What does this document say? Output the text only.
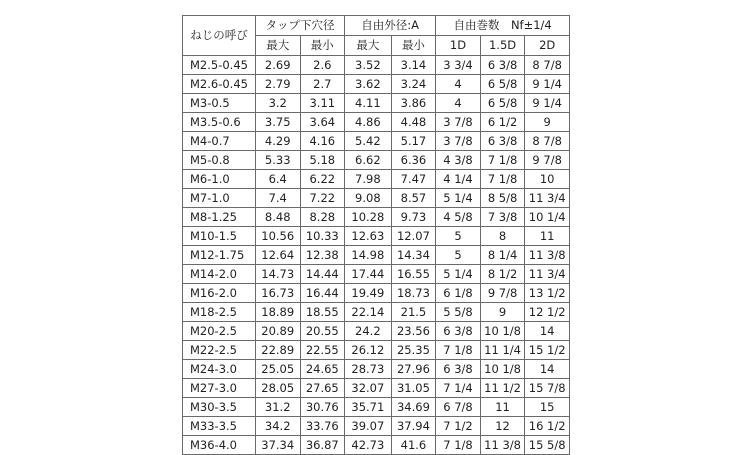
ねじの呼び	タップ下穴径		自由外径:A		自由巻数　Nf±1/4		
	最大	最小	最大	最小	1D	1.5D	2D
M2.5-0.45	2.69	2.6	3.52	3.14	3 3/4	6 3/8	8 7/8
M2.6-0.45	2.79	2.7	3.62	3.24	4	6 5/8	9 1/4
M3-0.5	3.2	3.11	4.11	3.86	4	6 5/8	9 1/4
M3.5-0.6	3.75	3.64	4.86	4.48	3 7/8	6 1/2	9
M4-0.7	4.29	4.16	5.42	5.17	3 7/8	6 3/8	8 7/8
M5-0.8	5.33	5.18	6.62	6.36	4 3/8	7 1/8	9 7/8
M6-1.0	6.4	6.22	7.98	7.47	4 1/4	7 1/8	10
M7-1.0	7.4	7.22	9.08	8.57	5 1/4	8 5/8	11 3/4
M8-1.25	8.48	8.28	10.28	9.73	4 5/8	7 3/8	10 1/4
M10-1.5	10.56	10.33	12.63	12.07	5	8	11
M12-1.75	12.64	12.38	14.98	14.34	5	8 1/4	11 3/8
M14-2.0	14.73	14.44	17.44	16.55	5 1/4	8 1/2	11 3/4
M16-2.0	16.73	16.44	19.49	18.73	6 1/8	9 7/8	13 1/2
M18-2.5	18.89	18.55	22.14	21.5	5 5/8	9	12 1/2
M20-2.5	20.89	20.55	24.2	23.56	6 3/8	10 1/8	14
M22-2.5	22.89	22.55	26.12	25.35	7 1/8	11 1/4	15 1/2
M24-3.0	25.05	24.65	28.73	27.96	6 3/8	10 1/8	14
M27-3.0	28.05	27.65	32.07	31.05	7 1/4	11 1/2	15 7/8
M30-3.5	31.2	30.76	35.71	34.69	6 7/8	11	15
M33-3.5	34.2	33.76	39.07	37.94	7 1/2	12	16 1/2
M36-4.0	37.34	36.87	42.73	41.6	7 1/8	11 3/8	15 5/8
